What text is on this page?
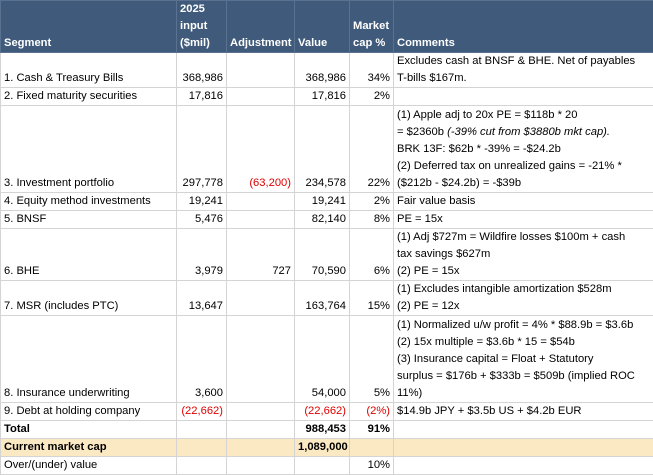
Segment	2025 input ($mil)	Adjustment	Value	Market cap %	Comments
1. Cash & Treasury Bills	368,986		368,986	34%	Excludes cash at BNSF & BHE. Net of payables
T-bills $167m.

2. Fixed maturity securities	17,816		17,816	2%	
3. Investment portfolio	297,778	(63,200)	234,578	22%	(1) Apple adj to 20x PE = $118b * 20
= $2360b (-39% cut from $3880b mkt cap).
BRK 13F: $62b * -39% = -$24.2b
(2) Deferred tax on unrealized gains = -21% *
($212b - $24.2b) = -$39b

4. Equity method investments	19,241		19,241	2%	Fair value basis

5. BNSF	5,476		82,140	8%	PE = 15x

6. BHE	3,979	727	70,590	6%	(1) Adj $727m = Wildfire losses $100m + cash
tax savings $627m
(2) PE = 15x

7. MSR (includes PTC)	13,647		163,764	15%	(1) Excludes intangible amortization $528m
(2) PE = 12x

8. Insurance underwriting	3,600		54,000	5%	(1) Normalized u/w profit = 4% * $88.9b = $3.6b
(2) 15x multiple = $3.6b * 15 = $54b
(3) Insurance capital = Float + Statutory
surplus = $176b + $333b = $509b (implied ROC
11%)

9. Debt at holding company	(22,662)		(22,662)	(2%)	$14.9b JPY + $3.5b US + $4.2b EUR

Total			988,453	91%	
Current market cap			1,089,000		
Over/(under) value				10%	
